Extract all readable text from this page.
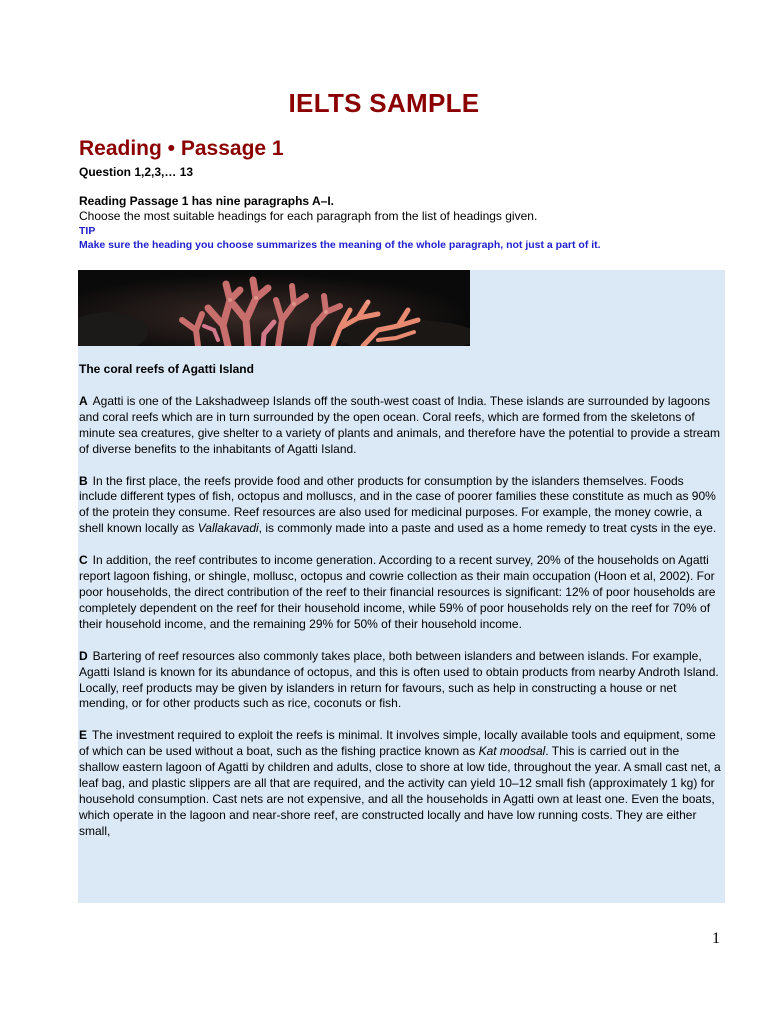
IELTS SAMPLE
Reading • Passage 1
Question 1,2,3,… 13
Reading Passage 1 has nine paragraphs A–I.
Choose the most suitable headings for each paragraph from the list of headings given.
TIP
Make sure the heading you choose summarizes the meaning of the whole paragraph, not just a part of it.
The coral reefs of Agatti Island
A Agatti is one of the Lakshadweep Islands off the south-west coast of India. These islands are surrounded by lagoons and coral reefs which are in turn surrounded by the open ocean. Coral reefs, which are formed from the skeletons of minute sea creatures, give shelter to a variety of plants and animals, and therefore have the potential to provide a stream of diverse benefits to the inhabitants of Agatti Island.
B In the first place, the reefs provide food and other products for consumption by the islanders themselves. Foods include different types of fish, octopus and molluscs, and in the case of poorer families these constitute as much as 90% of the protein they consume. Reef resources are also used for medicinal purposes. For example, the money cowrie, a shell known locally as Vallakavadi, is commonly made into a paste and used as a home remedy to treat cysts in the eye.
C In addition, the reef contributes to income generation. According to a recent survey, 20% of the households on Agatti report lagoon fishing, or shingle, mollusc, octopus and cowrie collection as their main occupation (Hoon et al, 2002). For poor households, the direct contribution of the reef to their financial resources is significant: 12% of poor households are completely dependent on the reef for their household income, while 59% of poor households rely on the reef for 70% of their household income, and the remaining 29% for 50% of their household income.
D Bartering of reef resources also commonly takes place, both between islanders and between islands. For example, Agatti Island is known for its abundance of octopus, and this is often used to obtain products from nearby Androth Island. Locally, reef products may be given by islanders in return for favours, such as help in constructing a house or net mending, or for other products such as rice, coconuts or fish.
E The investment required to exploit the reefs is minimal. It involves simple, locally available tools and equipment, some of which can be used without a boat, such as the fishing practice known as Kat moodsal. This is carried out in the shallow eastern lagoon of Agatti by children and adults, close to shore at low tide, throughout the year. A small cast net, a leaf bag, and plastic slippers are all that are required, and the activity can yield 10–12 small fish (approximately 1 kg) for household consumption. Cast nets are not expensive, and all the households in Agatti own at least one. Even the boats, which operate in the lagoon and near-shore reef, are constructed locally and have low running costs. They are either small,
1
